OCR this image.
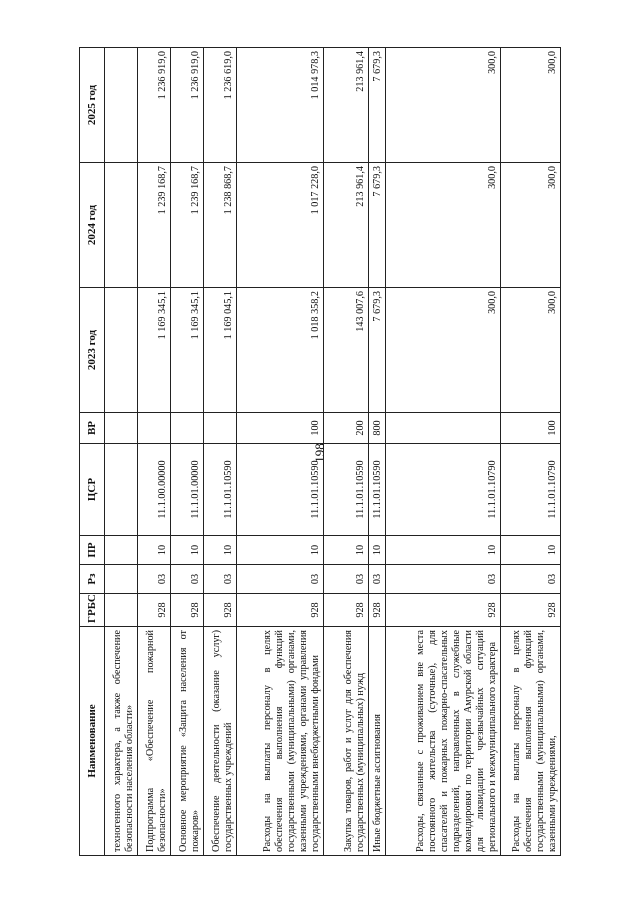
198
Наименование	ГРБС	Рз	ПР	ЦСР	ВР	2023 год	2024 год	2025 год
техногенного характера, а также обеспечение безопасности населения области»								
Подпрограмма «Обеспечение пожарной безопасности»	928	03	10	11.1.00.00000		1 169 345,1	1 239 168,7	1 236 919,0
Основное мероприятие «Защита населения от пожаров»	928	03	10	11.1.01.00000		1 169 345,1	1 239 168,7	1 236 919,0
Обеспечение деятельности (оказание услуг) государственных учреждений	928	03	10	11.1.01.10590		1 169 045,1	1 238 868,7	1 236 619,0
Расходы на выплаты персоналу в целях обеспечения выполнения функций государственными (муниципальными) органами, казенными учреждениями, органами управления государственными внебюджетными фондами	928	03	10	11.1.01.10590	100	1 018 358,2	1 017 228,0	1 014 978,3
Закупка товаров, работ и услуг для обеспечения государственных (муниципальных) нужд	928	03	10	11.1.01.10590	200	143 007,6	213 961,4	213 961,4
Иные бюджетные ассигнования	928	03	10	11.1.01.10590	800	7 679,3	7 679,3	7 679,3
Расходы, связанные с проживанием вне места постоянного жительства (суточные), для спасателей и пожарных пожарно-спасательных подразделений, направленных в служебные командировки по территории Амурской области для ликвидации чрезвычайных ситуаций регионального и межмуниципального характера	928	03	10	11.1.01.10790		300,0	300,0	300,0
Расходы на выплаты персоналу в целях обеспечения выполнения функций государственными (муниципальными) органами, казенными учреждениями,	928	03	10	11.1.01.10790	100	300,0	300,0	300,0
